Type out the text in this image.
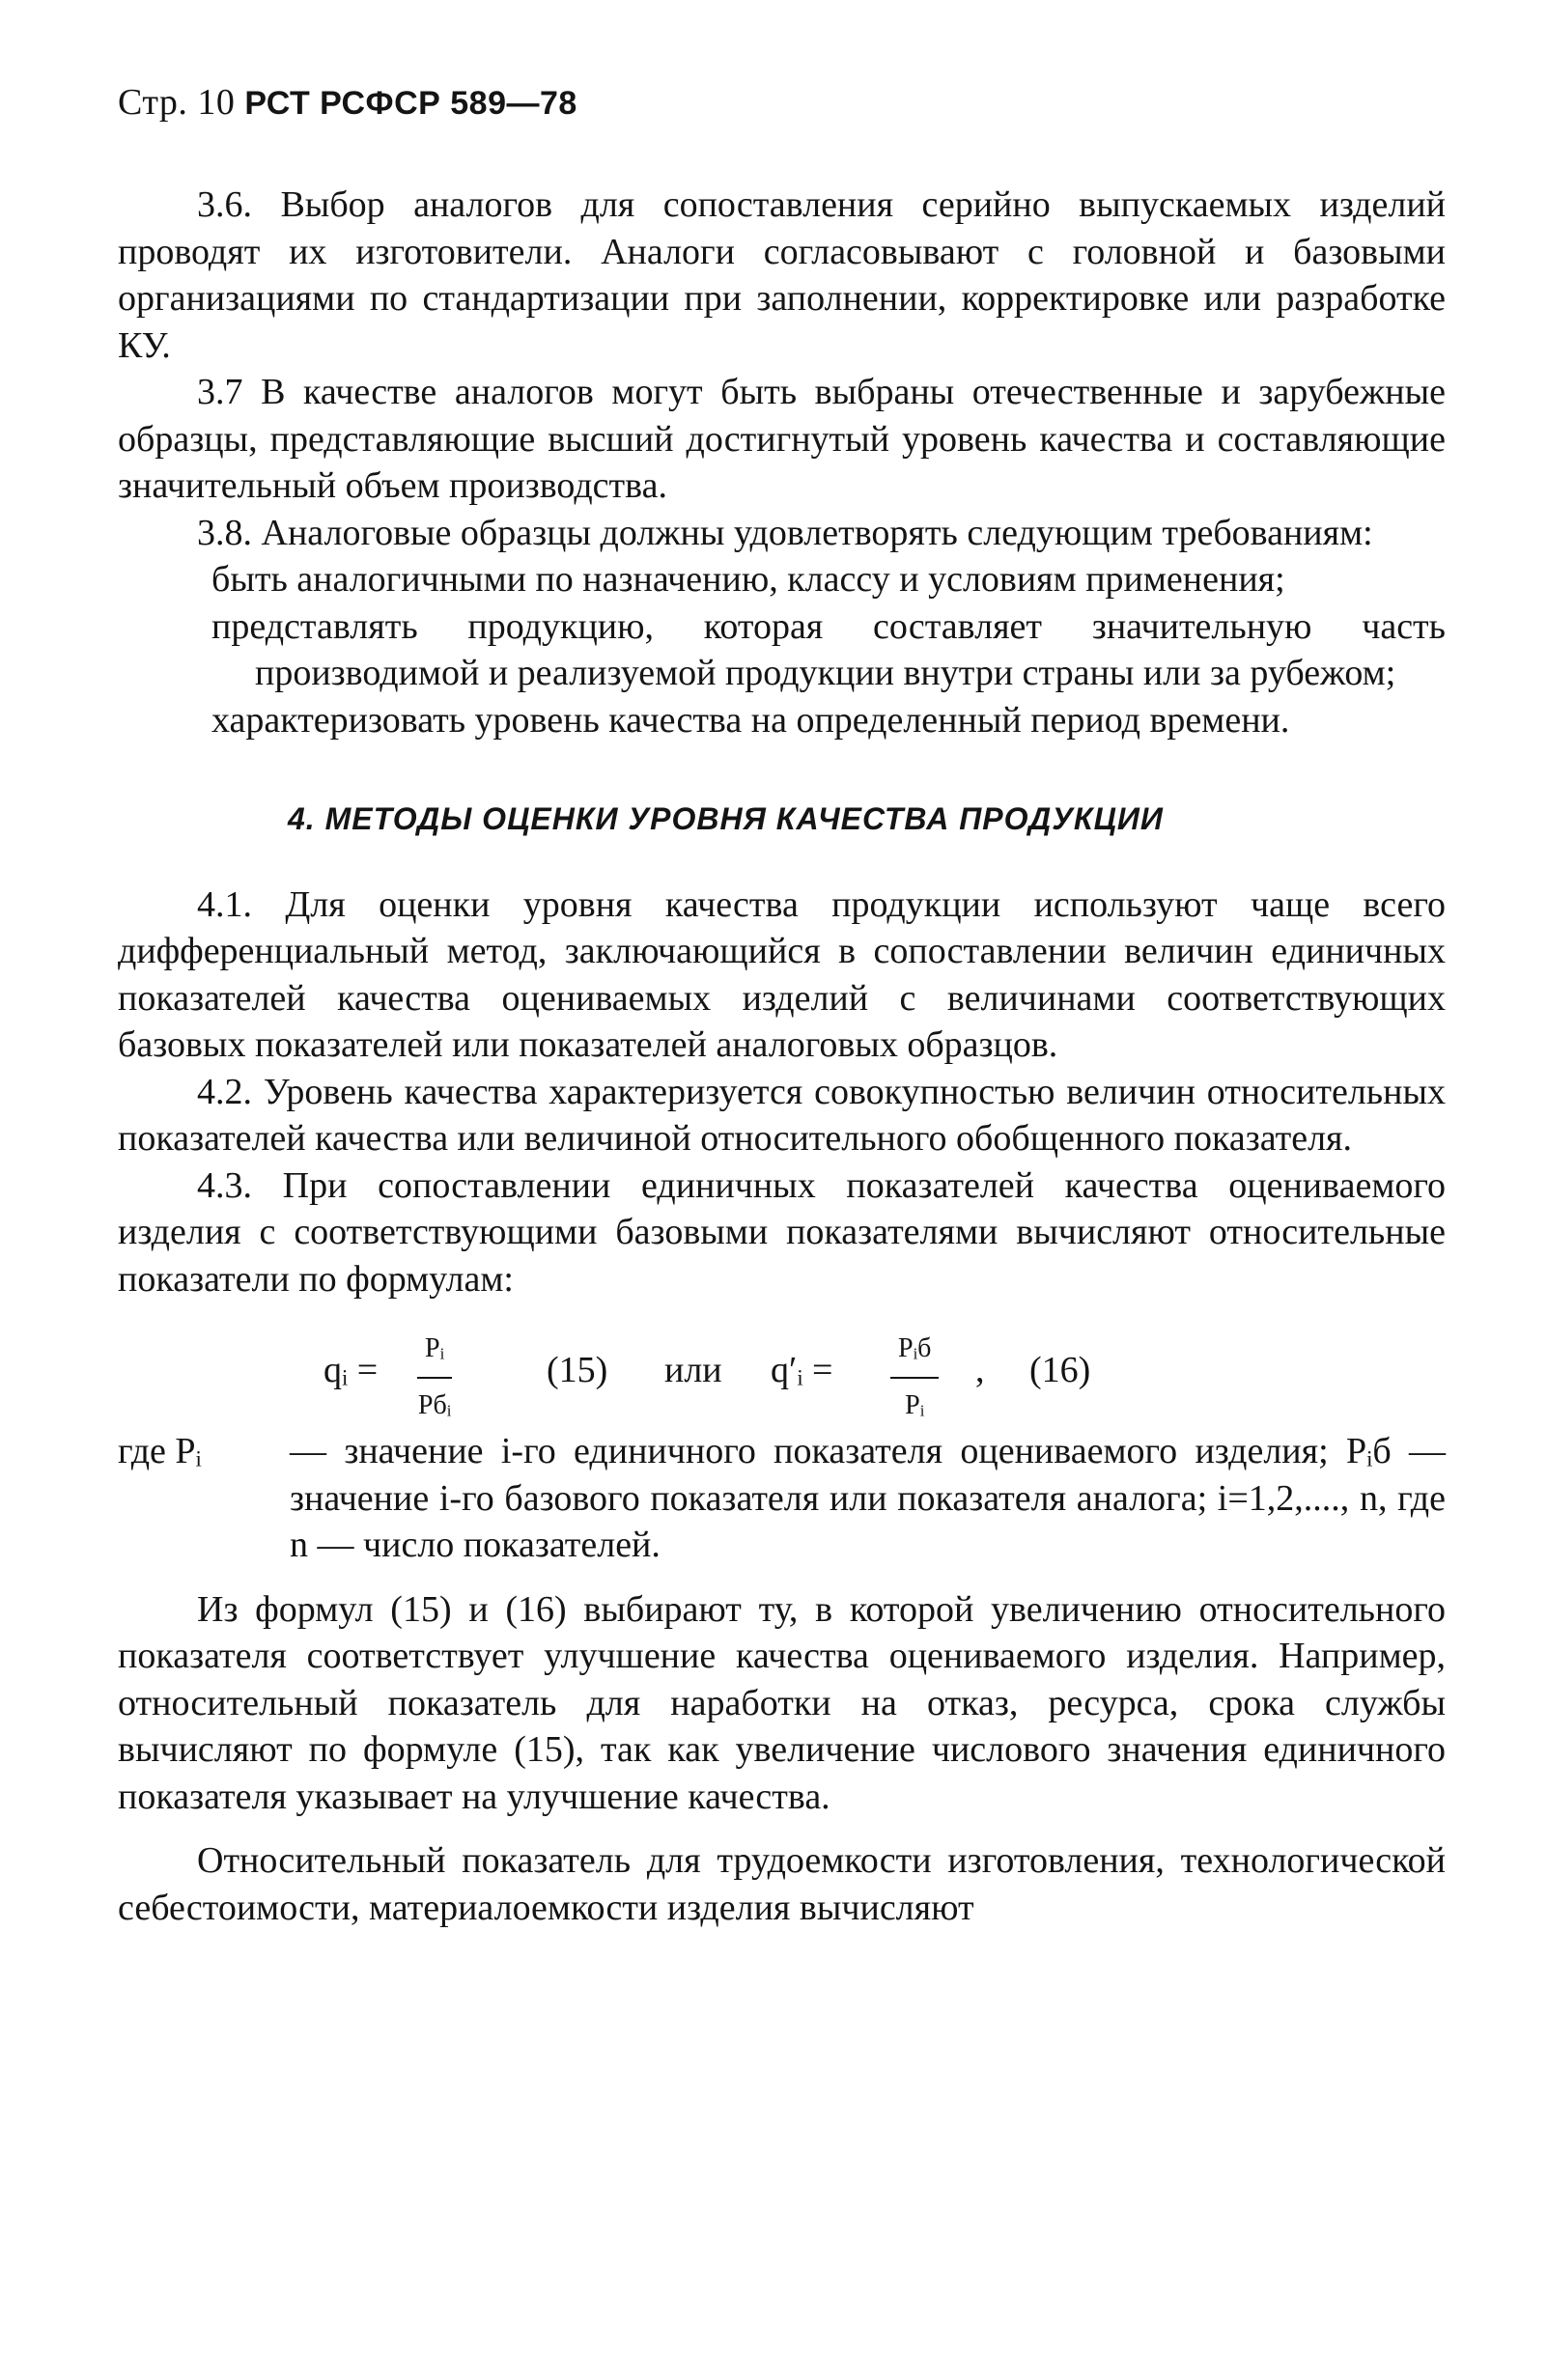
Стр. 10 РСТ РСФСР 589—78

3.6. Выбор аналогов для сопоставления серийно выпускаемых изделий проводят их изготовители. Аналоги согласовывают с головной и базовыми организациями по стандартизации при заполнении, корректировке или разработке КУ.

3.7 В качестве аналогов могут быть выбраны отечественные и зарубежные образцы, представляющие высший достигнутый уровень качества и составляющие значительный объем производства.

3.8. Аналоговые образцы должны удовлетворять следующим требованиям:

быть аналогичными по назначению, классу и условиям применения;
представлять продукцию, которая составляет значительную часть производимой и реализуемой продукции внутри страны или за рубежом;
характеризовать уровень качества на определенный период времени.
4. МЕТОДЫ ОЦЕНКИ УРОВНЯ КАЧЕСТВА ПРОДУКЦИИ

4.1. Для оценки уровня качества продукции используют чаще всего дифференциальный метод, заключающийся в сопоставлении величин единичных показателей качества оцениваемых изделий с величинами соответствующих базовых показателей или показателей аналоговых образцов.

4.2. Уровень качества характеризуется совокупностью величин относительных показателей качества или величиной относительного обобщенного показателя.

4.3. При сопоставлении единичных показателей качества оцениваемого изделия с соответствующими базовыми показателями вычисляют относительные показатели по формулам:

qᵢ =
Pᵢ
Pбᵢ
(15) или q′ᵢ =
Pᵢб
Pᵢ
, (16)
где Pᵢ — значение i-го единичного показателя оцениваемого изделия; Pᵢб — значение i-го базового показателя или показателя аналога; i=1,2,...., n, где n — число показателей.

Из формул (15) и (16) выбирают ту, в которой увеличению относительного показателя соответствует улучшение качества оцениваемого изделия. Например, относительный показатель для наработки на отказ, ресурса, срока службы вычисляют по формуле (15), так как увеличение числового значения единичного показателя указывает на улучшение качества.

Относительный показатель для трудоемкости изготовления, технологической себестоимости, материалоемкости изделия вычисляют
